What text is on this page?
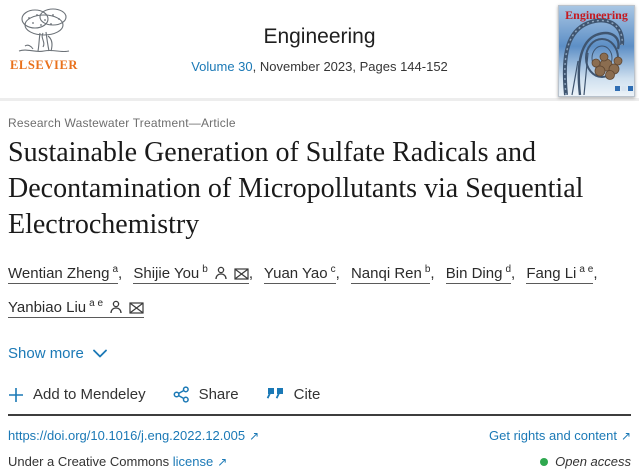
ELSEVIER
Engineering
Volume 30, November 2023, Pages 144-152
Engineering
Research Wastewater Treatment—Article
Sustainable Generation of Sulfate Radicals and Decontamination of Micropollutants via Sequential Electrochemistry
Wentian Zheng $^a$, Shijie You $^b$	, Yuan Yao $^c$, Nanqi Ren $^b$, Bin Ding $^d$, Fang Li $^{a e}$, Yanbiao Liu $^{a e}$
Show more
Add to Mendeley	Share	Cite
https://doi.org/10.1016/j.eng.2022.12.005 ↗	Get rights and content ↗
Under a Creative Commons license ↗	Open access
